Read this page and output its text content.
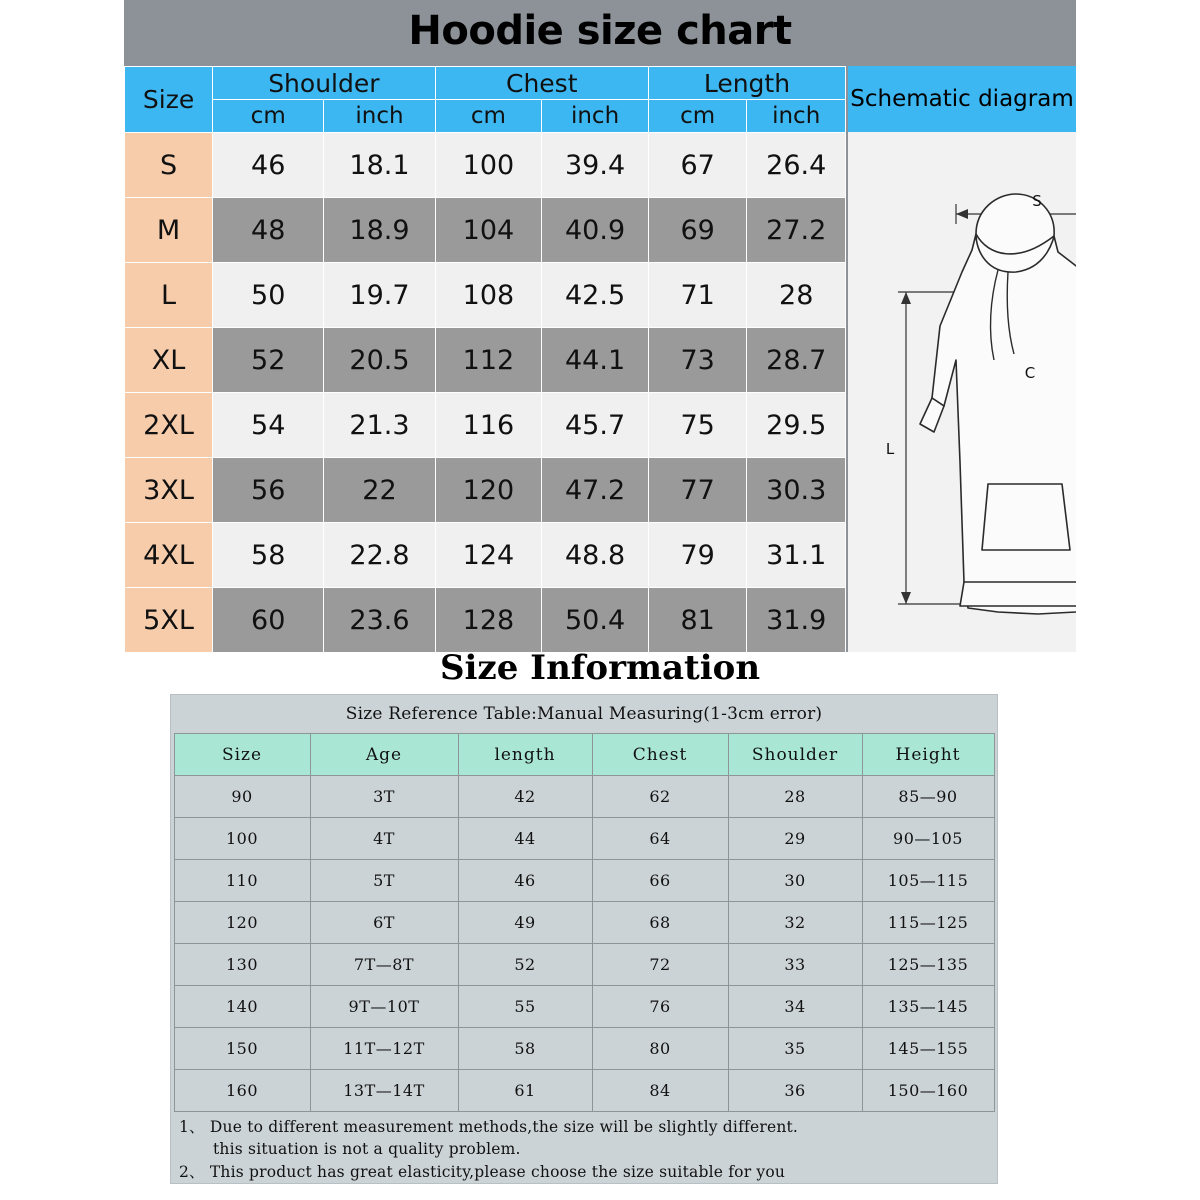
Hoodie size chart
Size	Shoulder		Chest		Length	
	cm	inch	cm	inch	cm	inch
S	46	18.1	100	39.4	67	26.4
M	48	18.9	104	40.9	69	27.2
L	50	19.7	108	42.5	71	28
XL	52	20.5	112	44.1	73	28.7
2XL	54	21.3	116	45.7	75	29.5
3XL	56	22	120	47.2	77	30.3
4XL	58	22.8	124	48.8	79	31.1
5XL	60	23.6	128	50.4	81	31.9
Schematic diagram
S
C
L
Size Information
Size Reference Table:Manual Measuring(1-3cm error)
Size	Age	length	Chest	Shoulder	Height
90	3T	42	62	28	85—90
100	4T	44	64	29	90—105
110	5T	46	66	30	105—115
120	6T	49	68	32	115—125
130	7T—8T	52	72	33	125—135
140	9T—10T	55	76	34	135—145
150	11T—12T	58	80	35	145—155
160	13T—14T	61	84	36	150—160
1、 Due to different measurement methods,the size will be slightly different.
this situation is not a quality problem.
2、 This product has great elasticity,please choose the size suitable for you
